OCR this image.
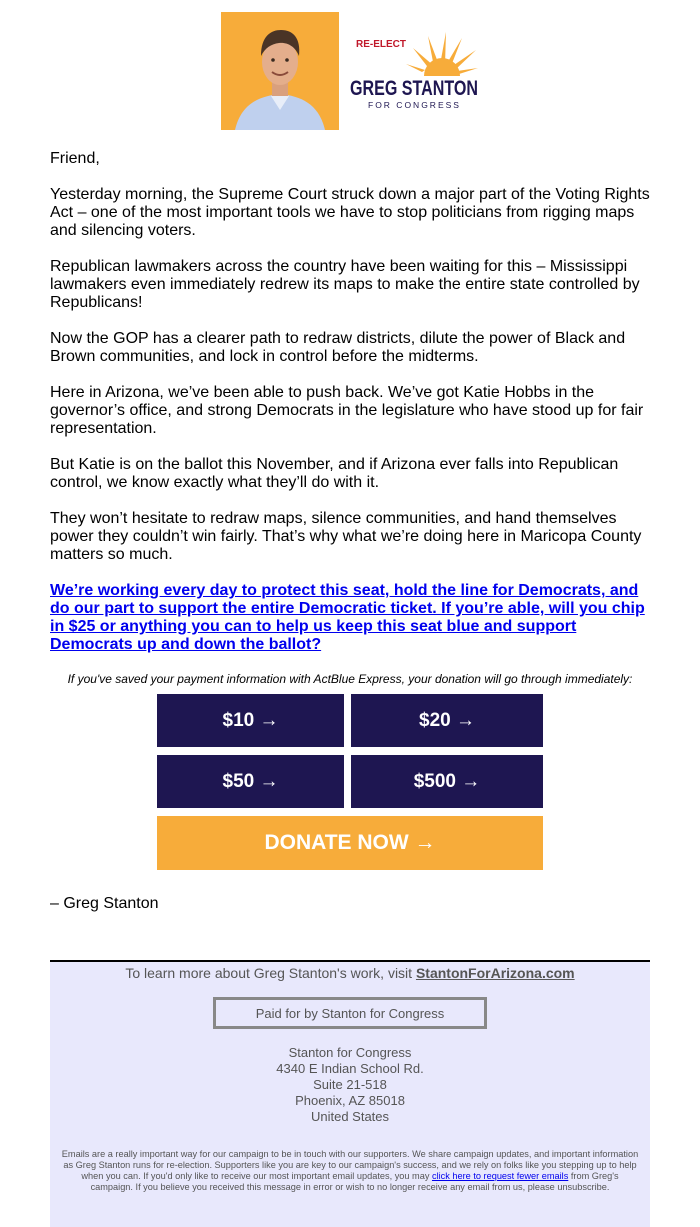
RE-ELECT
GREG STANTON
FOR CONGRESS

Friend,

Yesterday morning, the Supreme Court struck down a major part of the Voting Rights Act – one of the most important tools we have to stop politicians from rigging maps and silencing voters.

Republican lawmakers across the country have been waiting for this – Mississippi lawmakers even immediately redrew its maps to make the entire state controlled by Republicans!

Now the GOP has a clearer path to redraw districts, dilute the power of Black and Brown communities, and lock in control before the midterms.

Here in Arizona, we’ve been able to push back. We’ve got Katie Hobbs in the governor’s office, and strong Democrats in the legislature who have stood up for fair representation.

But Katie is on the ballot this November, and if Arizona ever falls into Republican control, we know exactly what they’ll do with it.

They won’t hesitate to redraw maps, silence communities, and hand themselves power they couldn’t win fairly. That’s why what we’re doing here in Maricopa County matters so much.

We’re working every day to protect this seat, hold the line for Democrats, and do our part to support the entire Democratic ticket. If you’re able, will you chip in $25 or anything you can to help us keep this seat blue and support Democrats up and down the ballot?
If you've saved your payment information with ActBlue Express, your donation will go through immediately:
$10 →	$20 →
$50 →	$500 →
DONATE NOW →
– Greg Stanton
To learn more about Greg Stanton's work, visit StantonForArizona.com
Paid for by Stanton for Congress
Stanton for Congress
4340 E Indian School Rd.
Suite 21-518
Phoenix, AZ 85018
United States
Emails are a really important way for our campaign to be in touch with our supporters. We share campaign updates, and important information as Greg Stanton runs for re-election. Supporters like you are key to our campaign's success, and we rely on folks like you stepping up to help when you can. If you'd only like to receive our most important email updates, you may click here to request fewer emails from Greg's campaign. If you believe you received this message in error or wish to no longer receive any email from us, please unsubscribe.
